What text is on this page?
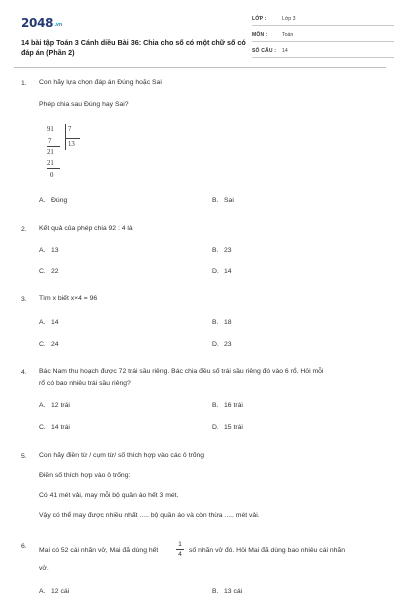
2048.vn
14 bài tập Toán 3 Cánh diều Bài 36: Chia cho số có một chữ số có đáp án (Phần 2)
LỚP :	Lớp 3
MÔN :	Toán
SỐ CÂU : 14
1. Con hãy lựa chọn đáp án Đúng hoặc Sai
Phép chia sau Đúng hay Sai?
91 7
13
7
21
21
0
A. Đúng	B. Sai
2. Kết quả của phép chia 92 : 4 là
A. 13	B. 23
C. 22	D. 14
3. Tìm x biết x×4 = 96
A. 14	B. 18
C. 24	D. 23
4. Bác Nam thu hoạch được 72 trái sầu riêng. Bác chia đều số trái sầu riêng đó vào 6 rổ. Hỏi mỗi
rổ có bao nhiêu trái sầu riêng?
A. 12 trái	B. 16 trái
C. 14 trái	D. 15 trái
5. Con hãy điền từ / cụm từ/ số thích hợp vào các ô trống
Điền số thích hợp vào ô trống:
Có 41 mét vải, may mỗi bộ quần áo hết 3 mét.
Vậy có thể may được nhiều nhất ..... bộ quần áo và còn thừa ..... mét vải.
6.
Mai có 52 cái nhãn vở, Mai đã dùng hết
1
4
số nhãn vở đó. Hỏi Mai đã dùng bao nhiêu cái nhãn
vở.
A. 12 cái	B. 13 cái
